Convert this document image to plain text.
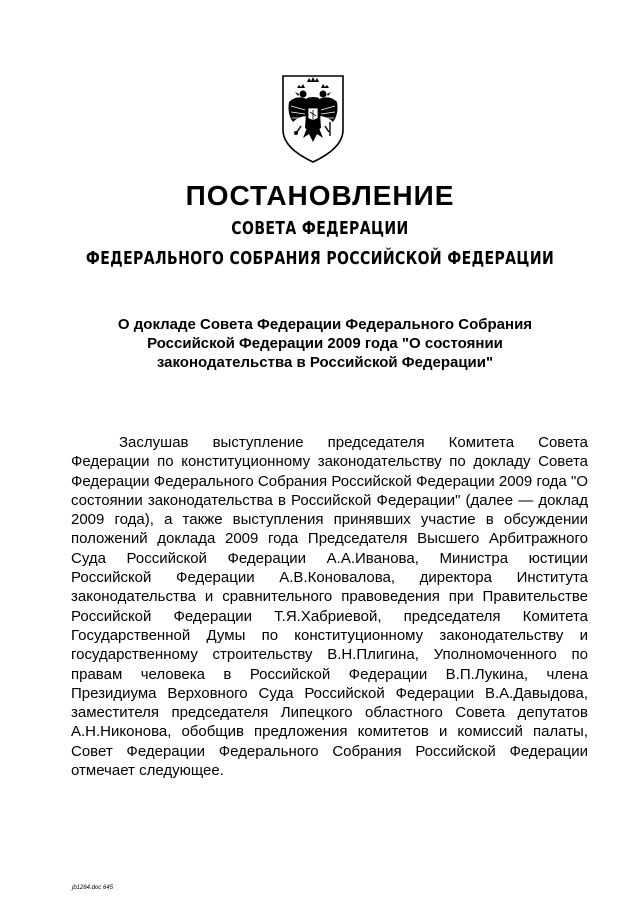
ПОСТАНОВЛЕНИЕ
СОВЕТА ФЕДЕРАЦИИ
ФЕДЕРАЛЬНОГО СОБРАНИЯ РОССИЙСКОЙ ФЕДЕРАЦИИ
О докладе Совета Федерации Федерального Собрания
Российской Федерации 2009 года "О состоянии
законодательства в Российской Федерации"

Заслушав выступление председателя Комитета Совета Федерации по конституционному законодательству по докладу Совета Федерации Федерального Собрания Российской Федерации 2009 года "О состоянии законодательства в Российской Федерации" (далее — доклад 2009 года), а также выступления принявших участие в обсуждении положений доклада 2009 года Председателя Высшего Арбитражного Суда Российской Федерации А.А.Иванова, Министра юстиции Российской Федерации А.В.Коновалова, директора Института законодательства и сравнительного правоведения при Правительстве Российской Федерации Т.Я.Хабриевой, председателя Комитета Государственной Думы по конституционному законодательству и государственному строительству В.Н.Плигина, Уполномоченного по правам человека в Российской Федерации В.П.Лукина, члена Президиума Верховного Суда Российской Федерации В.А.Давыдова, заместителя председателя Липецкого областного Совета депутатов А.Н.Никонова, обобщив предложения комитетов и комиссий палаты, Совет Федерации Федерального Собрания Российской Федерации отмечает следующее.

jb1264.doc 645
